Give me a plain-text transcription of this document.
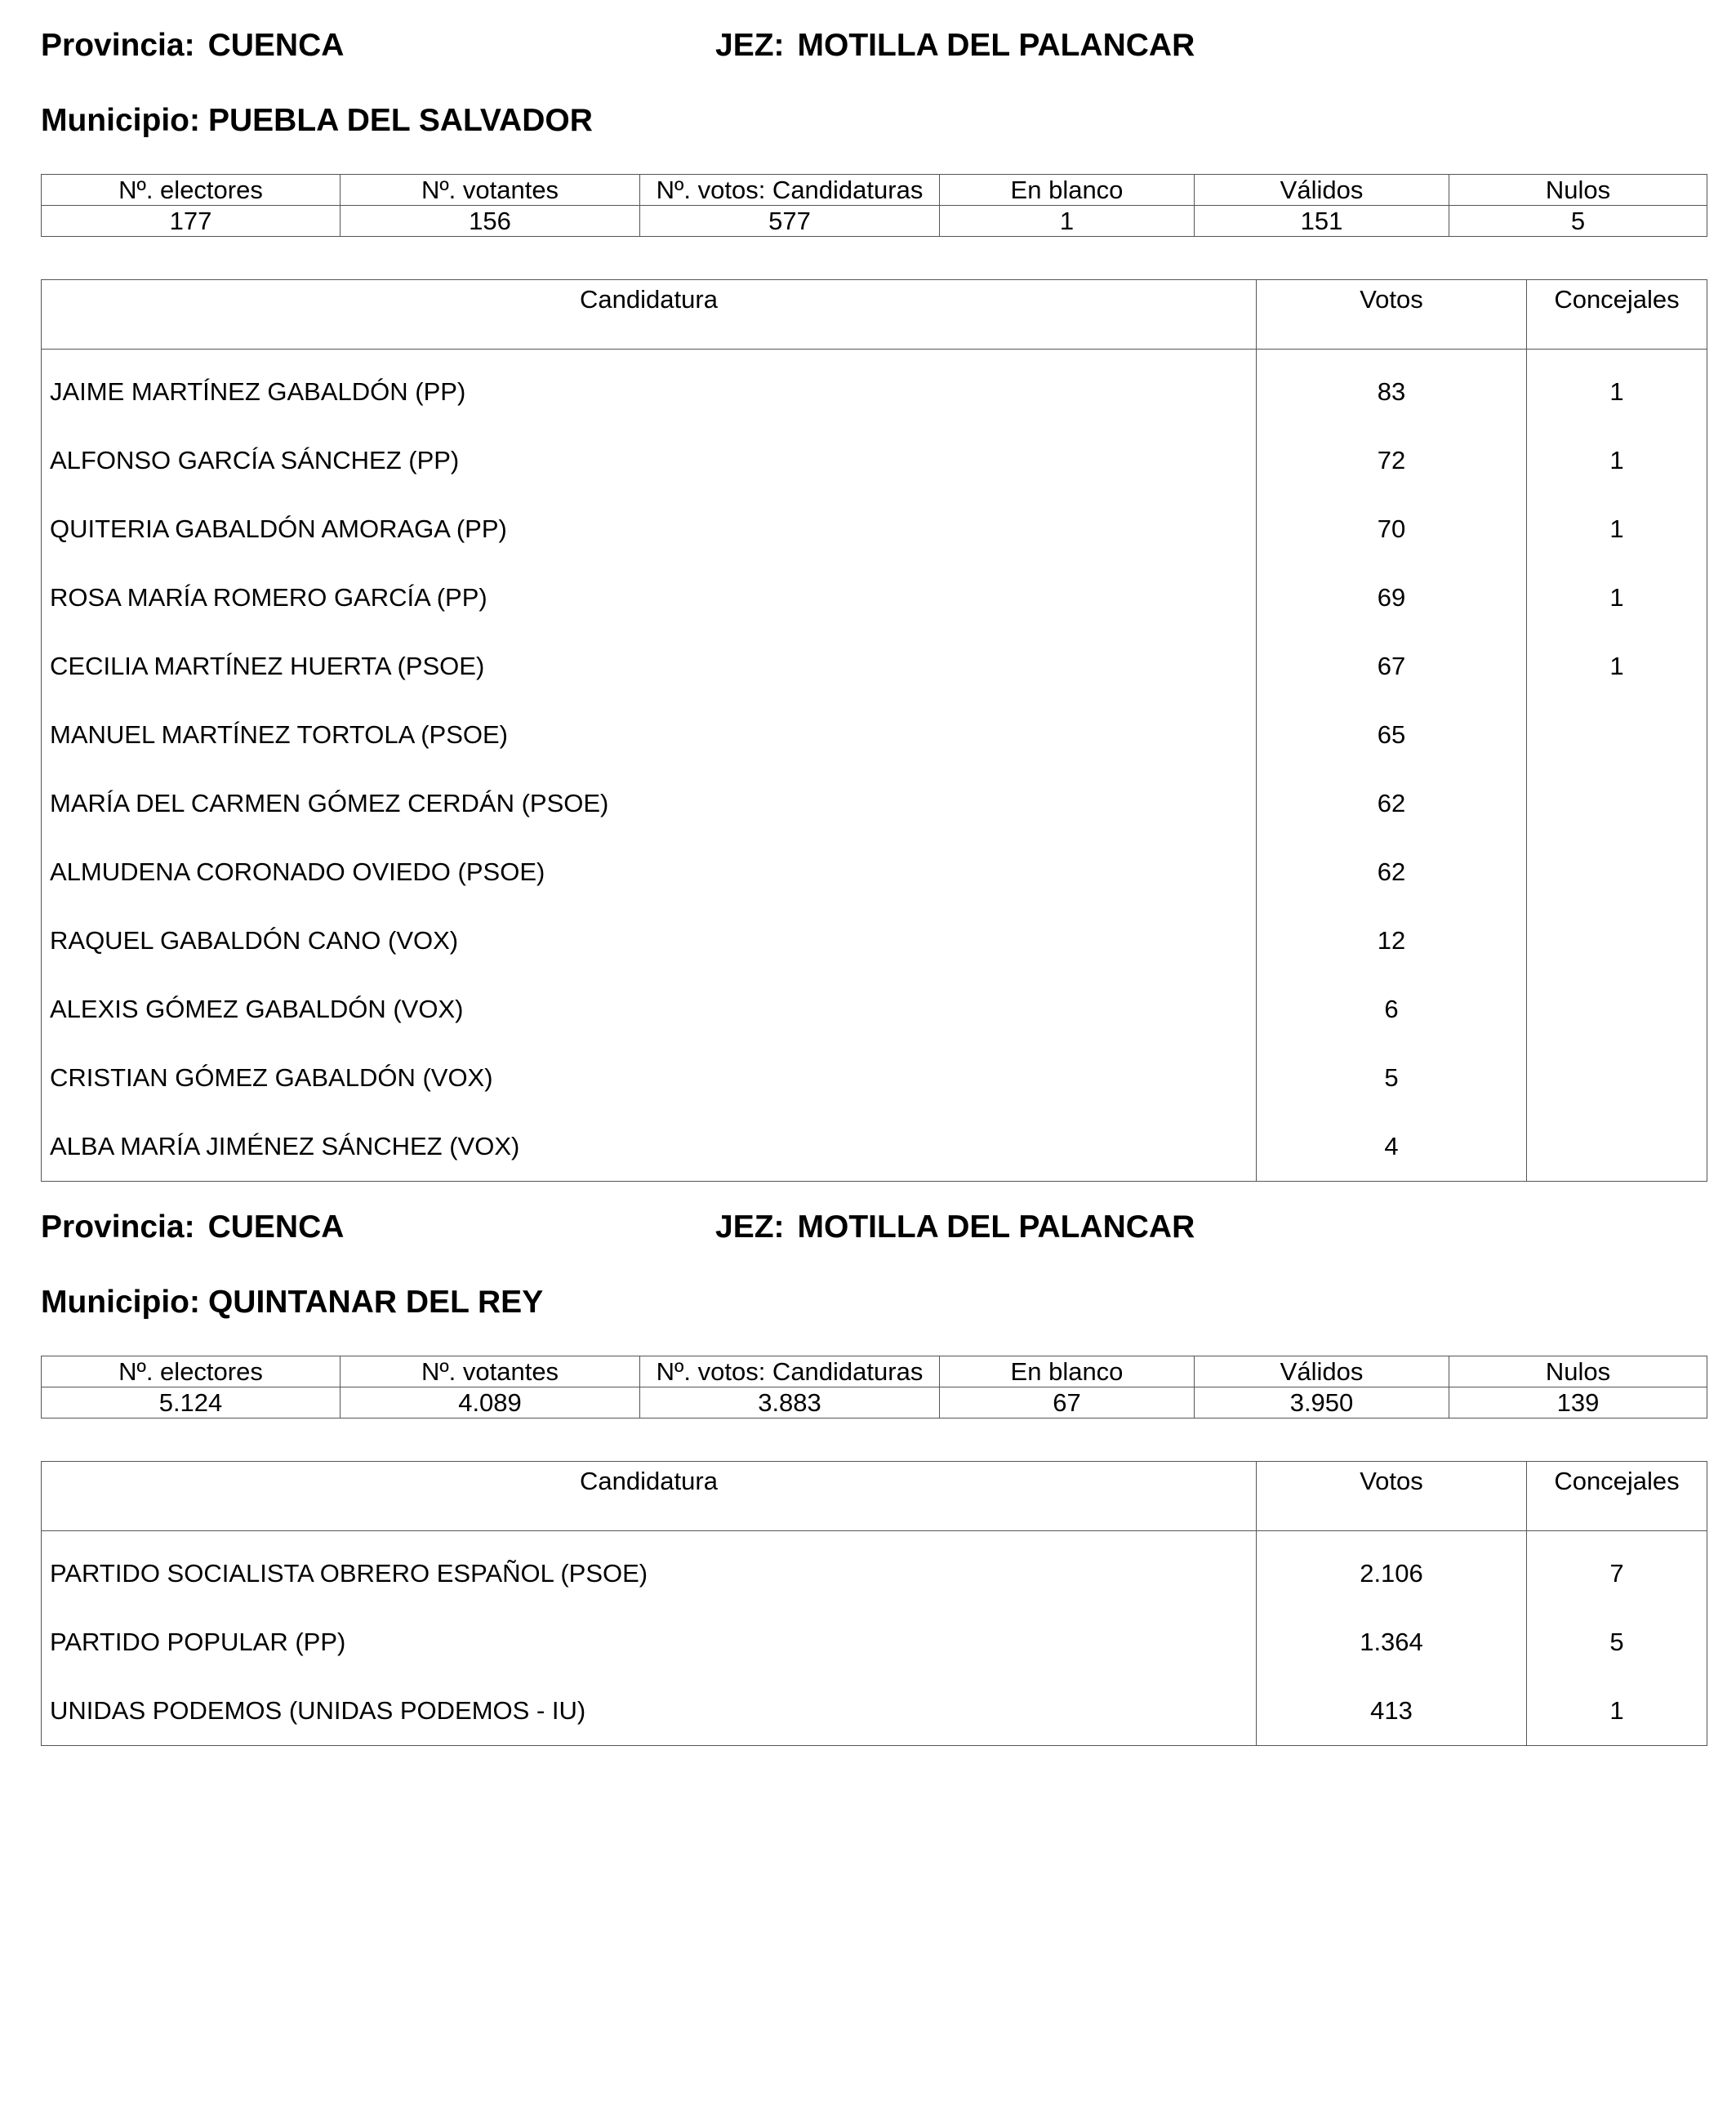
Provincia: CUENCA	JEZ: MOTILLA DEL PALANCAR
Municipio: PUEBLA DEL SALVADOR
Nº. electores	Nº. votantes	Nº. votos: Candidaturas	En blanco	Válidos	Nulos
177	156	577	1	151	5
Candidatura	Votos	Concejales
JAIME MARTÍNEZ GABALDÓN (PP)	83	1
ALFONSO GARCÍA SÁNCHEZ (PP)	72	1
QUITERIA GABALDÓN AMORAGA (PP)	70	1
ROSA MARÍA ROMERO GARCÍA (PP)	69	1
CECILIA MARTÍNEZ HUERTA (PSOE)	67	1
MANUEL MARTÍNEZ TORTOLA (PSOE)	65	
MARÍA DEL CARMEN GÓMEZ CERDÁN (PSOE)	62	
ALMUDENA CORONADO OVIEDO (PSOE)	62	
RAQUEL GABALDÓN CANO (VOX)	12	
ALEXIS GÓMEZ GABALDÓN (VOX)	6	
CRISTIAN GÓMEZ GABALDÓN (VOX)	5	
ALBA MARÍA JIMÉNEZ SÁNCHEZ (VOX)	4	
Provincia: CUENCA	JEZ: MOTILLA DEL PALANCAR
Municipio: QUINTANAR DEL REY
Nº. electores	Nº. votantes	Nº. votos: Candidaturas	En blanco	Válidos	Nulos
5.124	4.089	3.883	67	3.950	139
Candidatura	Votos	Concejales
PARTIDO SOCIALISTA OBRERO ESPAÑOL (PSOE)	2.106	7
PARTIDO POPULAR (PP)	1.364	5
UNIDAS PODEMOS (UNIDAS PODEMOS - IU)	413	1
